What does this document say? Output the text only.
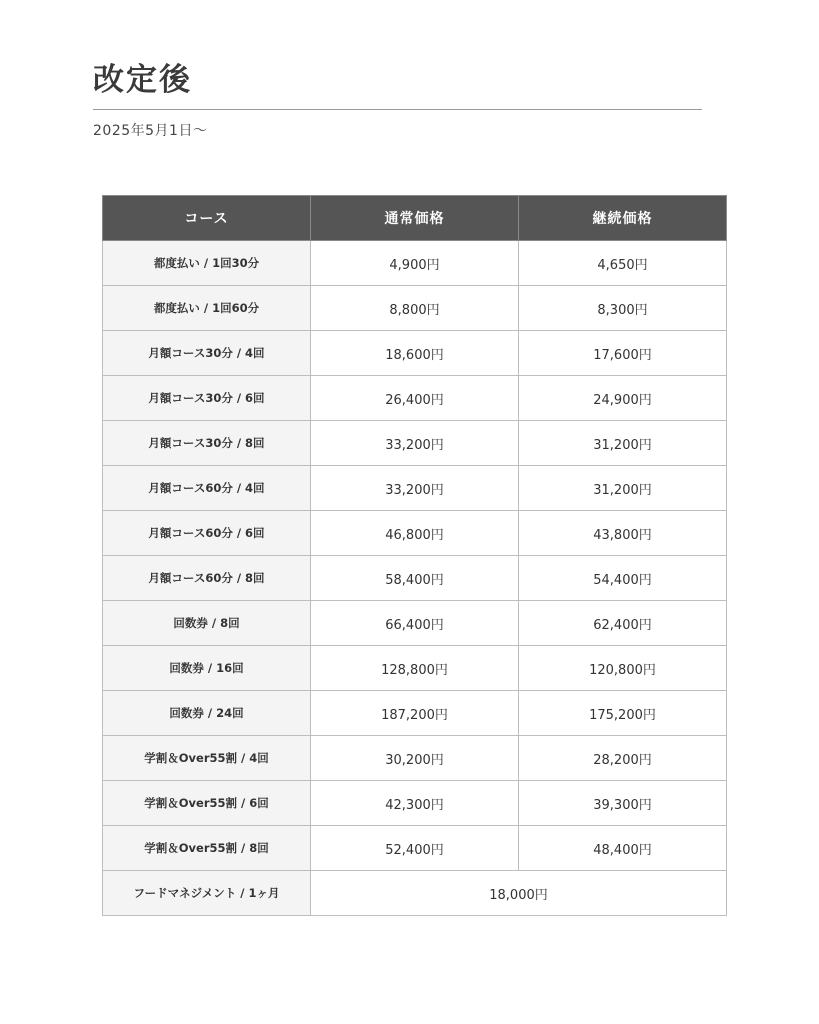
改定後
2025年5月1日～
コース	通常価格	継続価格
都度払い / 1回30分	4,900円	4,650円
都度払い / 1回60分	8,800円	8,300円
月額コース30分 / 4回	18,600円	17,600円
月額コース30分 / 6回	26,400円	24,900円
月額コース30分 / 8回	33,200円	31,200円
月額コース60分 / 4回	33,200円	31,200円
月額コース60分 / 6回	46,800円	43,800円
月額コース60分 / 8回	58,400円	54,400円
回数券 / 8回	66,400円	62,400円
回数券 / 16回	128,800円	120,800円
回数券 / 24回	187,200円	175,200円
学割＆Over55割 / 4回	30,200円	28,200円
学割＆Over55割 / 6回	42,300円	39,300円
学割＆Over55割 / 8回	52,400円	48,400円
フードマネジメント / 1ヶ月	18,000円	
